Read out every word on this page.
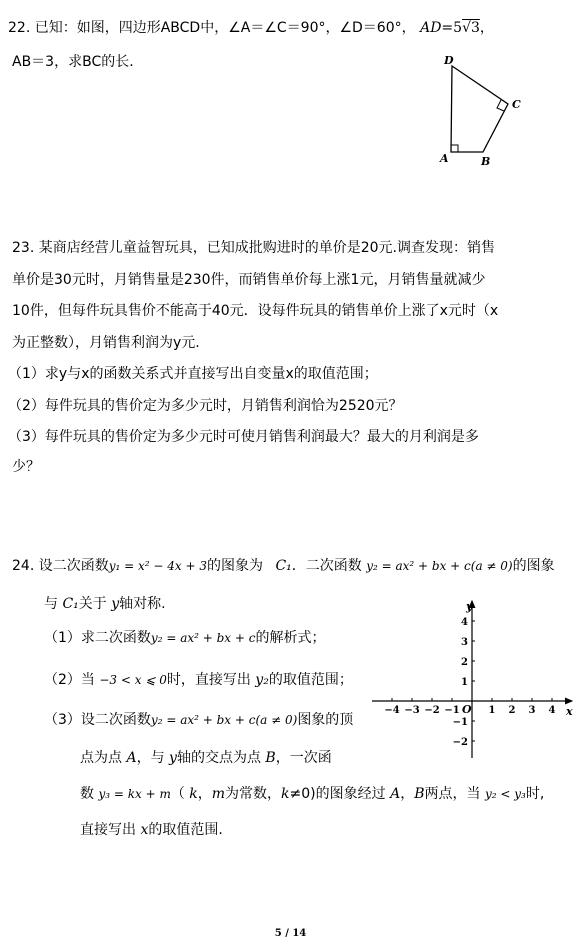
22. 已知：如图，四边形ABCD中，∠A＝∠C＝90°，∠D＝60°， AD=5√3，
AB＝3，求BC的长.	D
C
A	B
23. 某商店经营儿童益智玩具，已知成批购进时的单价是20元.调查发现：销售
单价是30元时，月销售量是230件，而销售单价每上涨1元，月销售量就减少
10件，但每件玩具售价不能高于40元．设每件玩具的销售单价上涨了x元时（x
为正整数），月销售利润为y元.
（1）求y与x的函数关系式并直接写出自变量x的取值范围；
（2）每件玩具的售价定为多少元时，月销售利润恰为2520元？
（3）每件玩具的售价定为多少元时可使月销售利润最大？最大的月利润是多
少？
24. 设二次函数y₁ = x² − 4x + 3的图象为 C₁．二次函数 y₂ = ax² + bx + c(a ≠ 0)的图象
与 C₁关于 y轴对称.
（1）求二次函数y₂ = ax² + bx + c的解析式；
（2）当 −3 < x ⩽ 0时，直接写出 y₂的取值范围；
（3）设二次函数y₂ = ax² + bx + c(a ≠ 0)图象的顶
点为点 A，与 y轴的交点为点 B，一次函
数 y₃ = kx + m（ k，m为常数，k≠0)的图象经过 A，B两点，当 y₂ < y₃时,
直接写出 x的取值范围.
−4 −3 −2 −1	1 2 3 4
4
3
2
1
−1
−2
y
x
O
5 / 14
